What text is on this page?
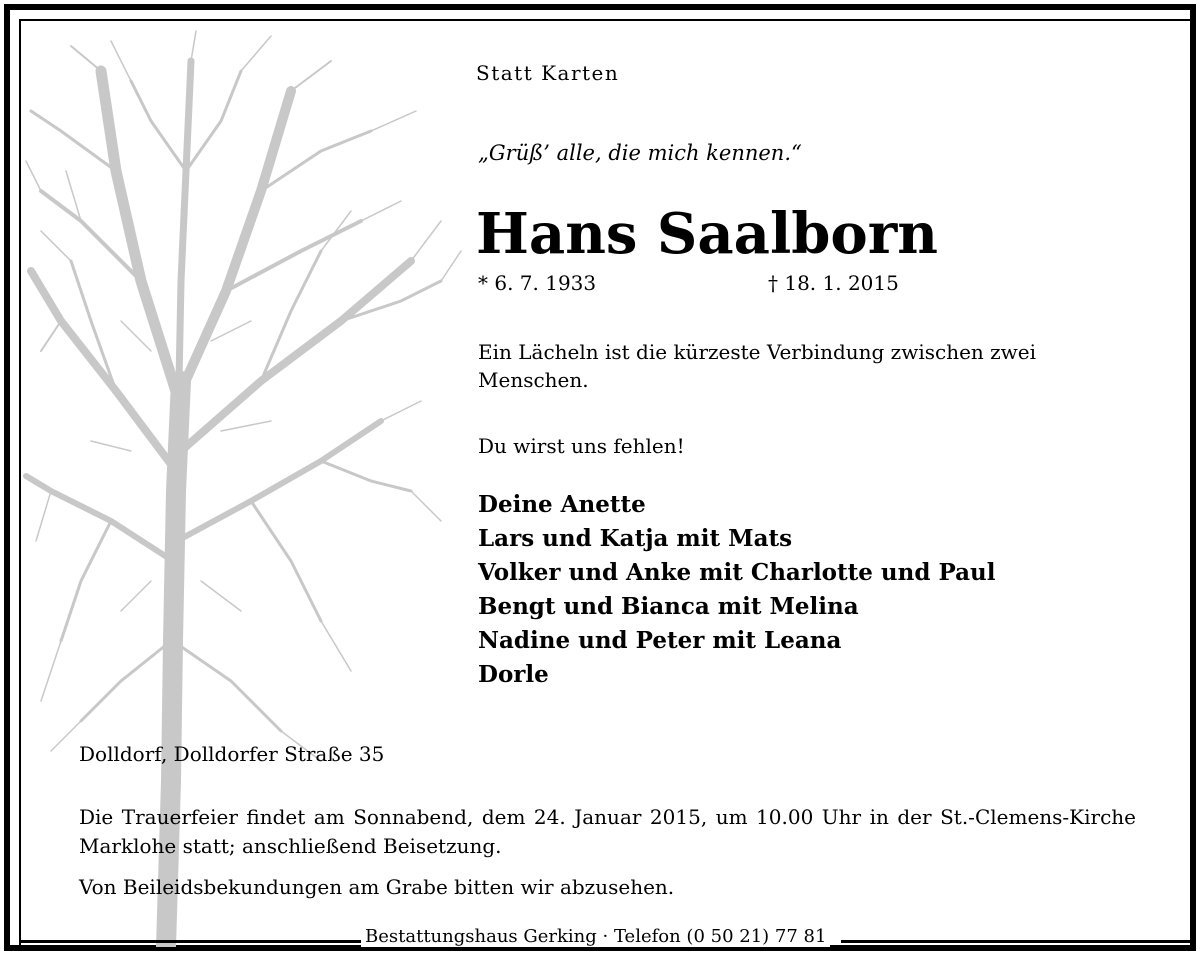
Statt Karten
„Grüß’ alle, die mich kennen.“
Hans Saalborn
* 6. 7. 1933	† 18. 1. 2015
Ein Lächeln ist die kürzeste Verbindung zwischen zwei Menschen.
Du wirst uns fehlen!
Deine Anette
Lars und Katja mit Mats
Volker und Anke mit Charlotte und Paul
Bengt und Bianca mit Melina
Nadine und Peter mit Leana
Dorle
Dolldorf, Dolldorfer Straße 35
Die Trauerfeier findet am Sonnabend, dem 24. Januar 2015, um 10.00 Uhr in der St.-Clemens-Kirche Marklohe statt; anschließend Beisetzung.
Von Beileidsbekundungen am Grabe bitten wir abzusehen.
Bestattungshaus Gerking · Telefon (0 50 21) 77 81
